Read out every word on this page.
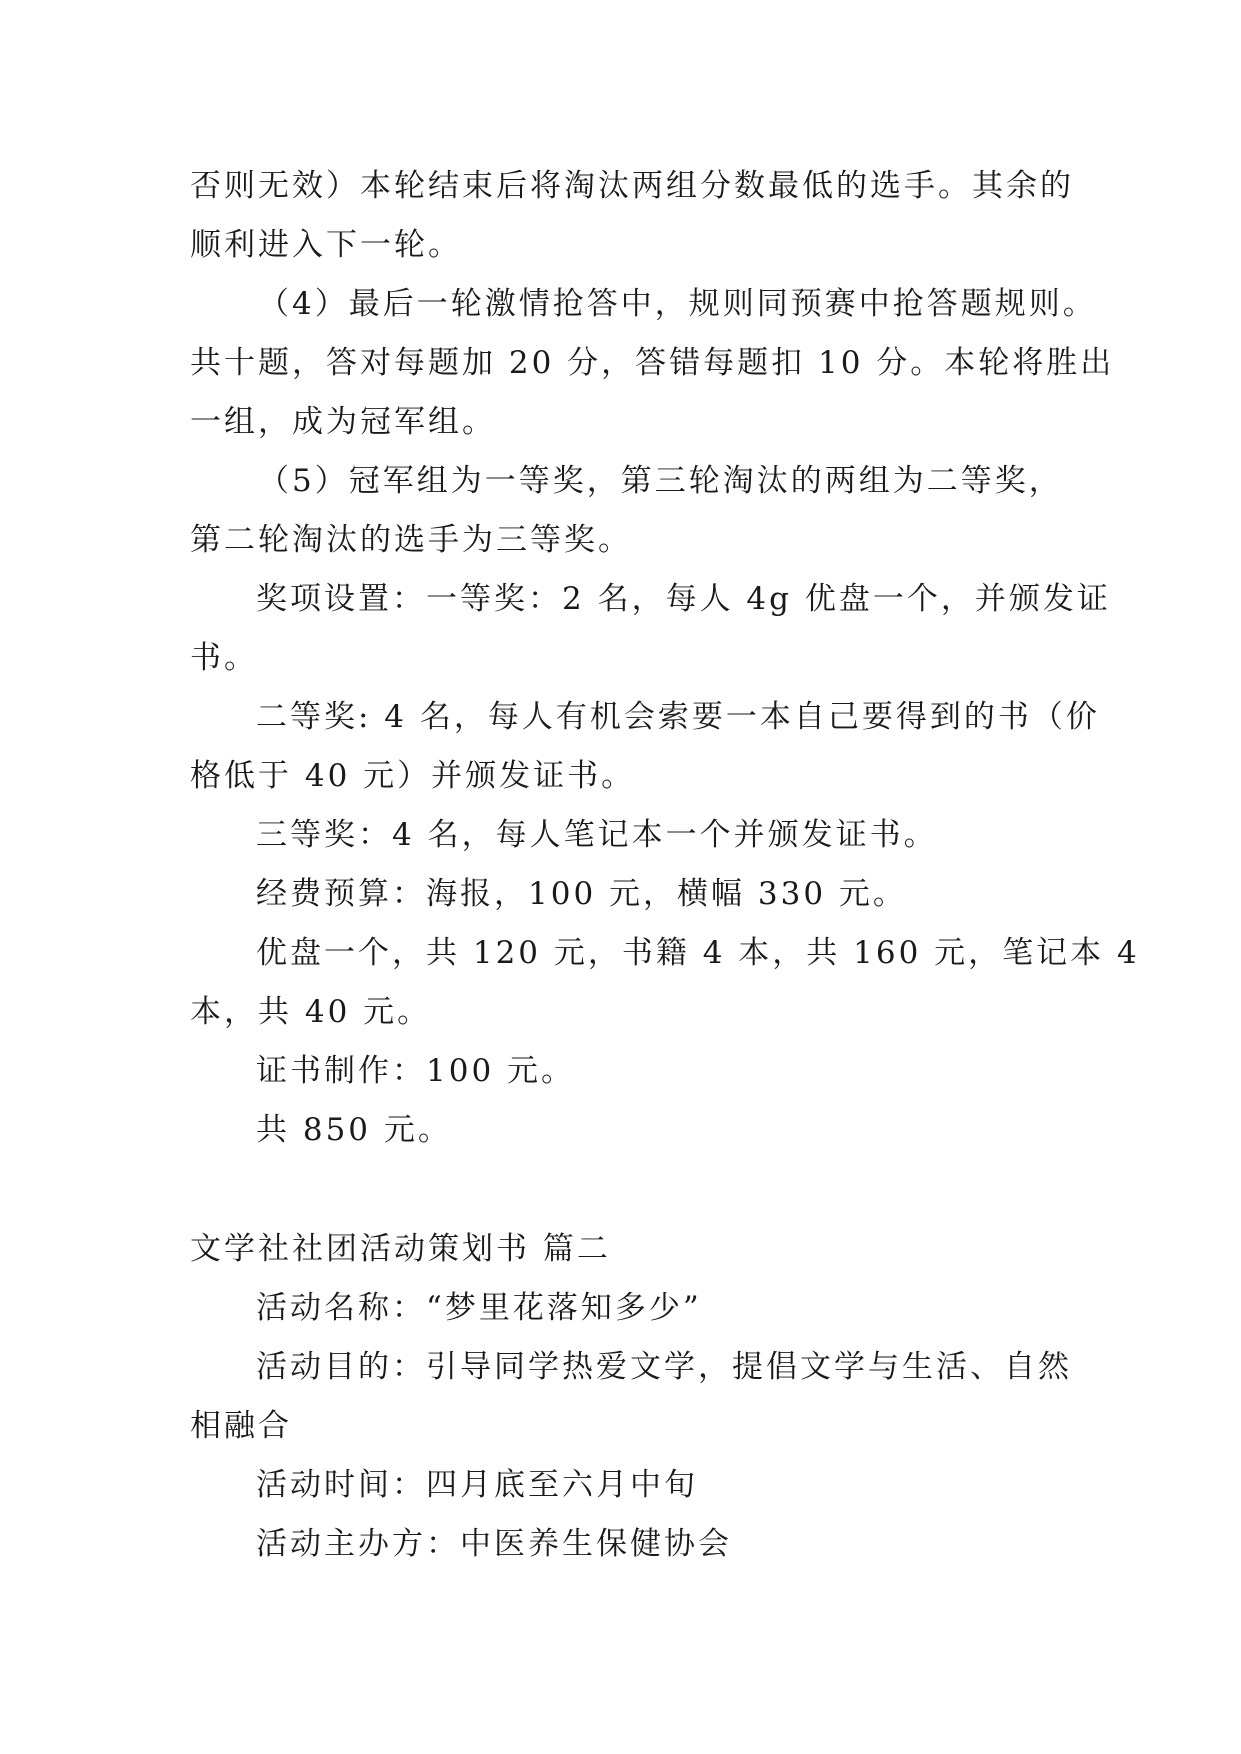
否则无效）本轮结束后将淘汰两组分数最低的选手。其余的
顺利进入下一轮。
（4）最后一轮激情抢答中，规则同预赛中抢答题规则。
共十题，答对每题加 20 分，答错每题扣 10 分。本轮将胜出
一组，成为冠军组。
（5）冠军组为一等奖，第三轮淘汰的两组为二等奖，
第二轮淘汰的选手为三等奖。
奖项设置：一等奖：2 名，每人 4g 优盘一个，并颁发证
书。
二等奖: 4 名，每人有机会索要一本自己要得到的书（价
格低于 40 元）并颁发证书。
三等奖：4 名，每人笔记本一个并颁发证书。
经费预算：海报，100 元，横幅 330 元。
优盘一个，共 120 元，书籍 4 本，共 160 元，笔记本 4
本，共 40 元。
证书制作：100 元。
共 850 元。
文学社社团活动策划书 篇二
活动名称：“梦里花落知多少”
活动目的：引导同学热爱文学，提倡文学与生活、自然
相融合
活动时间：四月底至六月中旬
活动主办方：中医养生保健协会
